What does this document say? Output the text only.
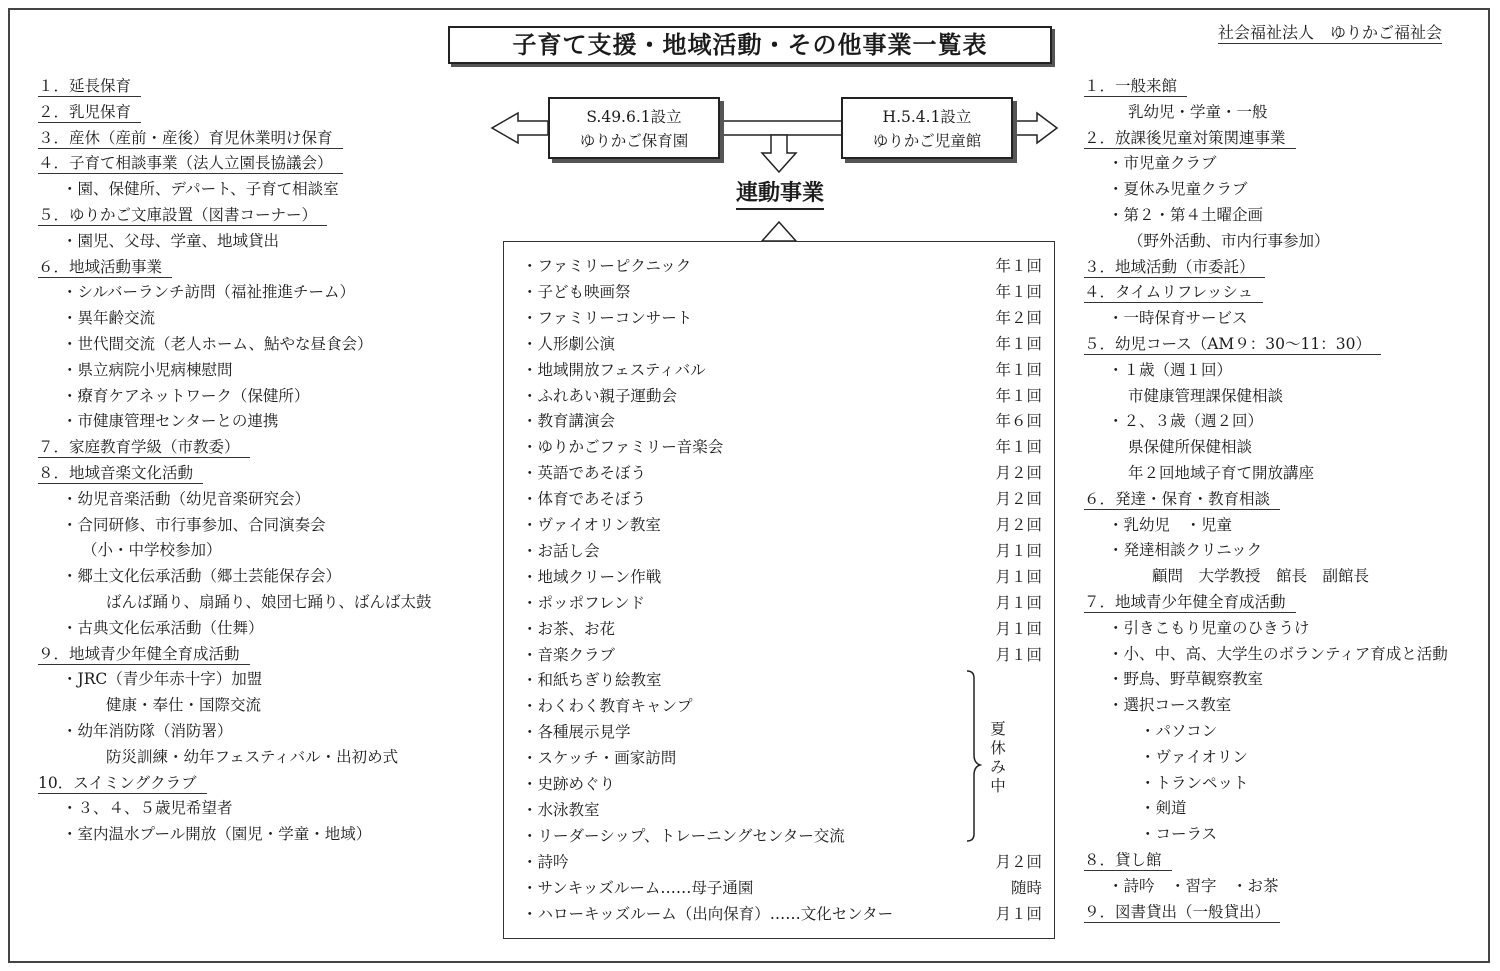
子育て支援・地域活動・その他事業一覧表	社会福祉法人　ゆりかご福祉会
S.49.6.1設立
ゆりかご保育園
H.5.4.1設立
ゆりかご児童館
連動事業
・ファミリーピクニック	年１回
・子ども映画祭	年１回
・ファミリーコンサート	年２回
・人形劇公演	年１回
・地域開放フェスティバル	年１回
・ふれあい親子運動会	年１回
・教育講演会	年６回
・ゆりかごファミリー音楽会	年１回
・英語であそぼう	月２回
・体育であそぼう	月２回
・ヴァイオリン教室	月２回
・お話し会	月１回
・地域クリーン作戦	月１回
・ポッポフレンド	月１回
・お茶、お花	月１回
・音楽クラブ	月１回
・和紙ちぎり絵教室
・わくわく教育キャンプ
・各種展示見学
・スケッチ・画家訪問
・史跡めぐり
・水泳教室
・リーダーシップ、トレーニングセンター交流
・詩吟	月２回
・サンキッズルーム……母子通園	随時
・ハローキッズルーム（出向保育）……文化センター	月１回
夏休み中
１．延長保育
２．乳児保育
３．産休（産前・産後）育児休業明け保育
４．子育て相談事業（法人立園長協議会）
・園、保健所、デパート、子育て相談室
５．ゆりかご文庫設置（図書コーナー）
・園児、父母、学童、地域貸出
６．地域活動事業
・シルバーランチ訪問（福祉推進チーム）
・異年齢交流
・世代間交流（老人ホーム、鮎やな昼食会）
・県立病院小児病棟慰問
・療育ケアネットワーク（保健所）
・市健康管理センターとの連携
７．家庭教育学級（市教委）
８．地域音楽文化活動
・幼児音楽活動（幼児音楽研究会）
・合同研修、市行事参加、合同演奏会
（小・中学校参加）
・郷土文化伝承活動（郷土芸能保存会）
ばんば踊り、扇踊り、娘団七踊り、ばんば太鼓
・古典文化伝承活動（仕舞）
９．地域青少年健全育成活動
・JRC（青少年赤十字）加盟
健康・奉仕・国際交流
・幼年消防隊（消防署）
防災訓練・幼年フェスティバル・出初め式
10．スイミングクラブ
・３、４、５歳児希望者
・室内温水プール開放（園児・学童・地域）
１．一般来館
乳幼児・学童・一般
２．放課後児童対策関連事業
・市児童クラブ
・夏休み児童クラブ
・第２・第４土曜企画
（野外活動、市内行事参加）
３．地域活動（市委託）
４．タイムリフレッシュ
・一時保育サービス
５．幼児コース（AM９：30～11：30）
・１歳（週１回）
市健康管理課保健相談
・２、３歳（週２回）
県保健所保健相談
年２回地域子育て開放講座
６．発達・保育・教育相談
・乳幼児　・児童
・発達相談クリニック
顧問　大学教授　館長　副館長
７．地域青少年健全育成活動
・引きこもり児童のひきうけ
・小、中、高、大学生のボランティア育成と活動
・野鳥、野草観察教室
・選択コース教室
・パソコン
・ヴァイオリン
・トランペット
・剣道
・コーラス
８．貸し館
・詩吟　・習字　・お茶
９．図書貸出（一般貸出）
